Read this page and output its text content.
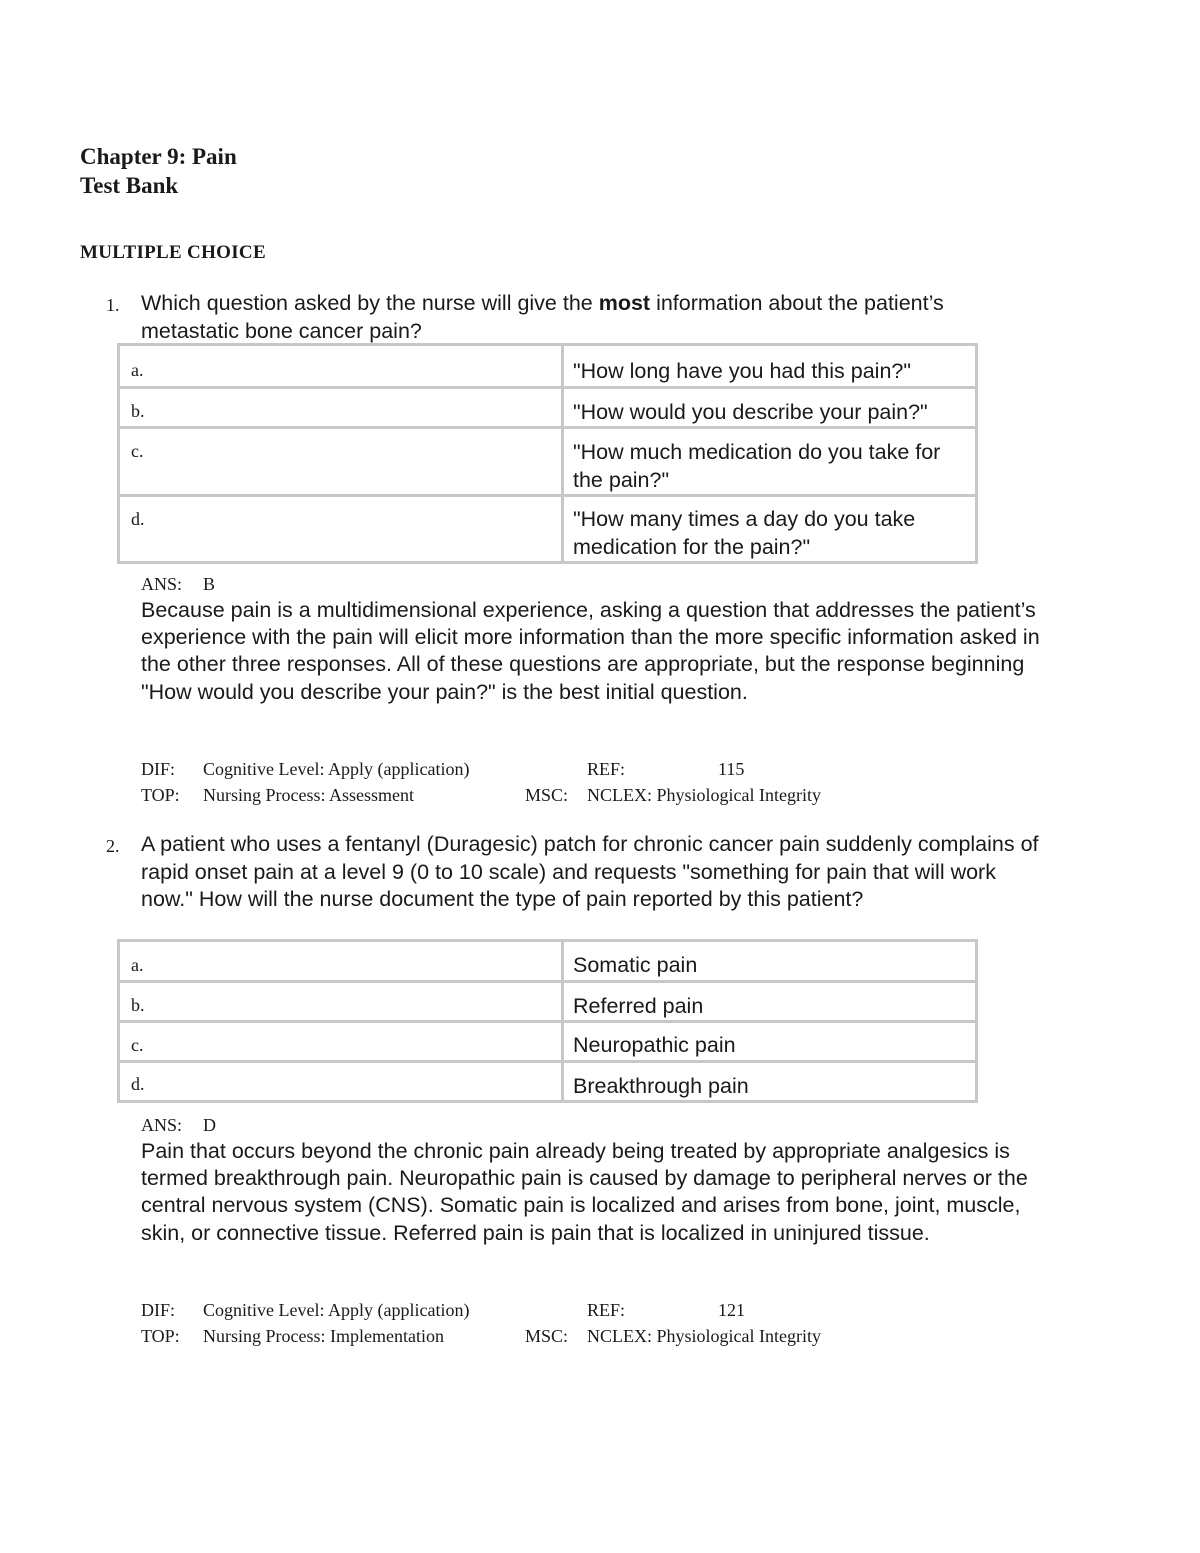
Chapter 9: Pain
Test Bank
MULTIPLE CHOICE
1. Which question asked by the nurse will give the most information about the patient’s metastatic bone cancer pain?
a.	"How long have you had this pain?"

b.	"How would you describe your pain?"

c.	"How much medication do you take for the pain?"

d.	"How many times a day do you take medication for the pain?"
ANS: B
Because pain is a multidimensional experience, asking a question that addresses the patient’s experience with the pain will elicit more information than the more specific information asked in the other three responses. All of these questions are appropriate, but the response beginning "How would you describe your pain?" is the best initial question.
DIF: Cognitive Level: Apply (application)	REF:	115
TOP: Nursing Process: Assessment	MSC: NCLEX: Physiological Integrity
2. A patient who uses a fentanyl (Duragesic) patch for chronic cancer pain suddenly complains of rapid onset pain at a level 9 (0 to 10 scale) and requests "something for pain that will work now." How will the nurse document the type of pain reported by this patient?
a.	Somatic pain

b.	Referred pain

c.	Neuropathic pain

d.	Breakthrough pain
ANS: D
Pain that occurs beyond the chronic pain already being treated by appropriate analgesics is termed breakthrough pain. Neuropathic pain is caused by damage to peripheral nerves or the central nervous system (CNS). Somatic pain is localized and arises from bone, joint, muscle, skin, or connective tissue. Referred pain is pain that is localized in uninjured tissue.
DIF: Cognitive Level: Apply (application)	REF:	121
TOP: Nursing Process: Implementation	MSC: NCLEX: Physiological Integrity
